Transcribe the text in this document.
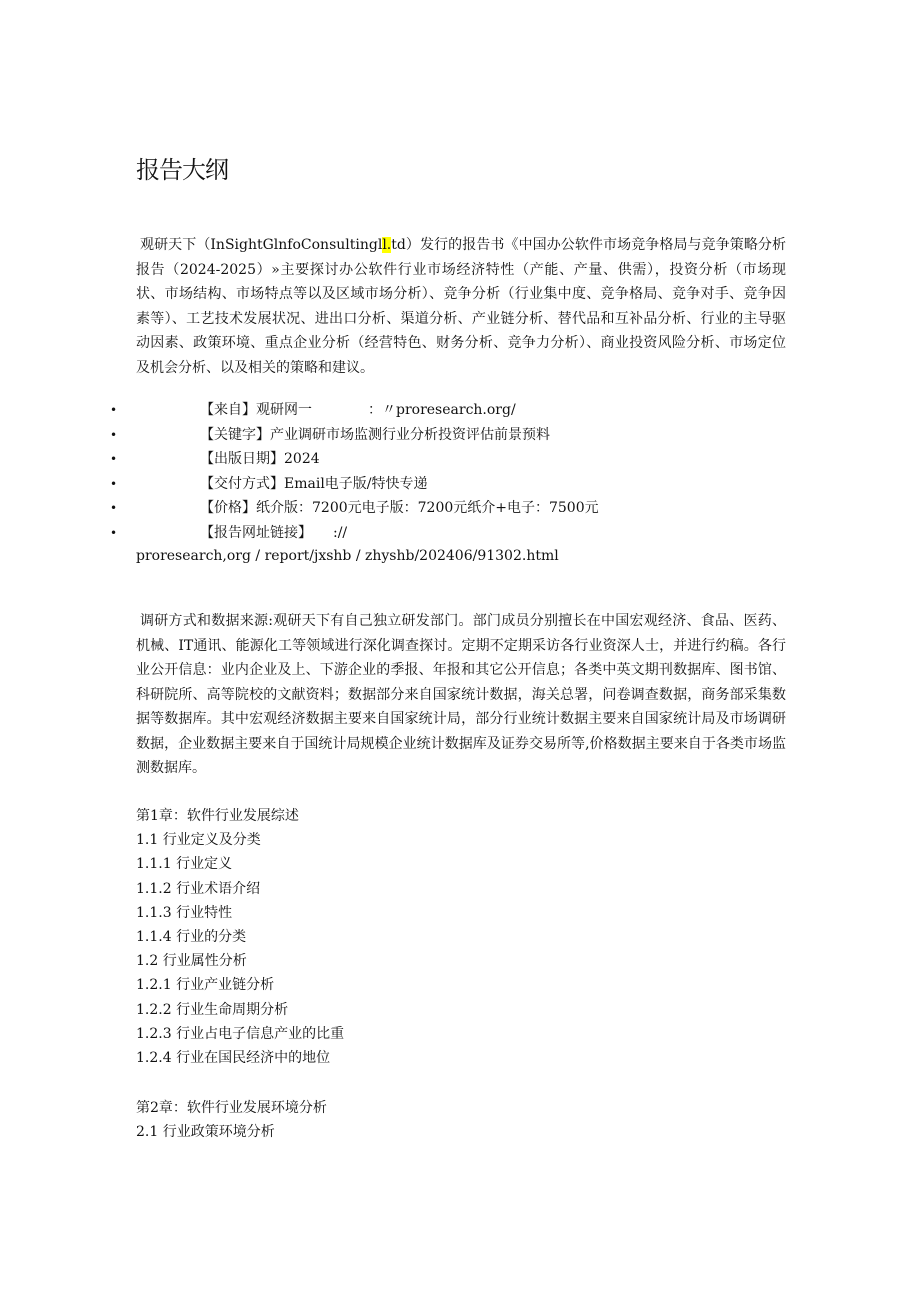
报告大纲

观研天下（InSightGlnfoConsultingll.td）发行的报告书《中国办公软件市场竞争格局与竞争策略分析报告（2024-2025）»主要探讨办公软件行业市场经济特性（产能、产量、供需），投资分析（市场现状、市场结构、市场特点等以及区域市场分析）、竞争分析（行业集中度、竞争格局、竞争对手、竞争因素等）、工艺技术发展状况、进出口分析、渠道分析、产业链分析、替代品和互补品分析、行业的主导驱动因素、政策环境、重点企业分析（经营特色、财务分析、竞争力分析）、商业投资风险分析、市场定位及机会分析、以及相关的策略和建议。

•	【来自】观研网一　　　　：〃proresearch.org/
•	【关键字】产业调研市场监测行业分析投资评估前景预料
•	【出版日期】2024
•	【交付方式】Email电子版/特快专递
•	【价格】纸介版：7200元电子版：7200元纸介+电子：7500元
•	【报告网址链接】　　://
proresearch,org / report/jxshb / zhyshb/202406/91302.html

调研方式和数据来源:观研天下有自己独立研发部门。部门成员分别擅长在中国宏观经济、食品、医药、机械、IT通讯、能源化工等领域进行深化调查探讨。定期不定期采访各行业资深人士，并进行约稿。各行业公开信息：业内企业及上、下游企业的季报、年报和其它公开信息；各类中英文期刊数据库、图书馆、科研院所、高等院校的文献资料；数据部分来自国家统计数据，海关总署，问卷调查数据，商务部采集数据等数据库。其中宏观经济数据主要来自国家统计局，部分行业统计数据主要来自国家统计局及市场调研数据，企业数据主要来自于国统计局规模企业统计数据库及证券交易所等,价格数据主要来自于各类市场监测数据库。

第1章：软件行业发展综述
1.1 行业定义及分类
1.1.1 行业定义
1.1.2 行业术语介绍
1.1.3 行业特性
1.1.4 行业的分类
1.2 行业属性分析
1.2.1 行业产业链分析
1.2.2 行业生命周期分析
1.2.3 行业占电子信息产业的比重
1.2.4 行业在国民经济中的地位
第2章：软件行业发展环境分析
2.1 行业政策环境分析
